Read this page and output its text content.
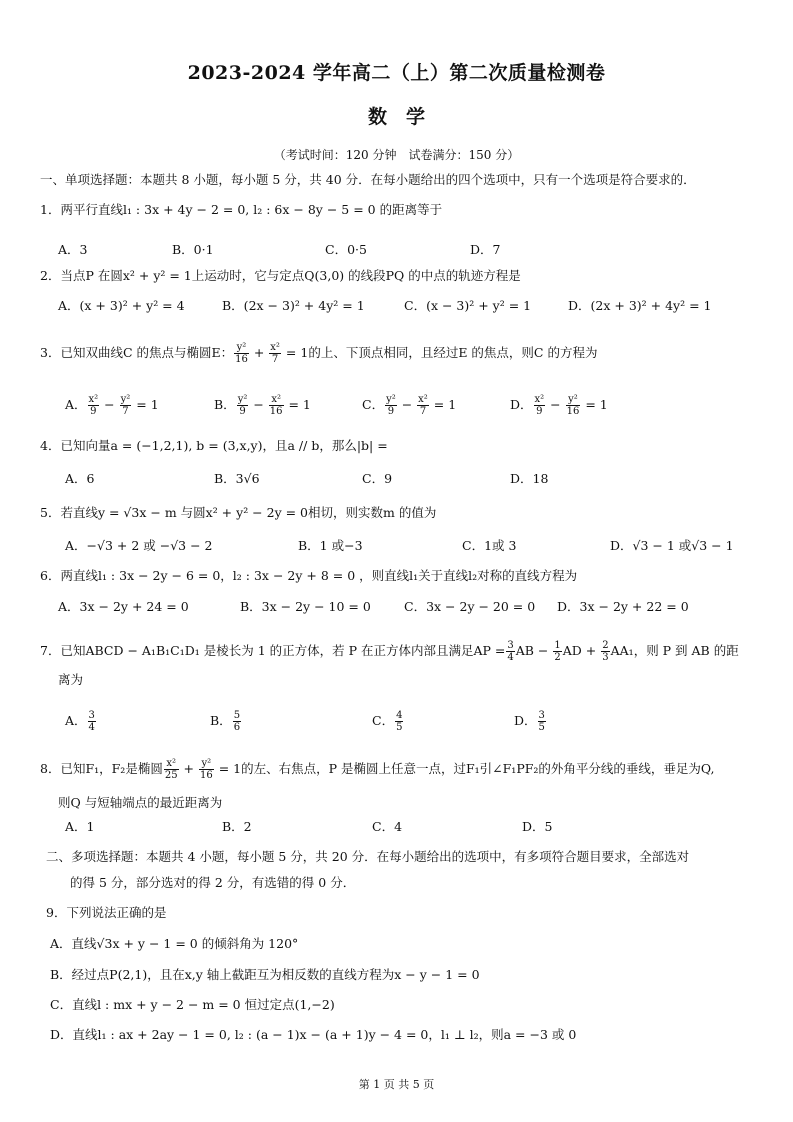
2023-2024 学年高二（上）第二次质量检测卷
数　学
（考试时间：120 分钟　试卷满分：150 分）
一、单项选择题：本题共 8 小题，每小题 5 分，共 40 分．在每小题给出的四个选项中，只有一个选项是符合要求的．
1．两平行直线l₁ : 3x + 4y − 2 = 0, l₂ : 6x − 8y − 5 = 0 的距离等于
A．3	B．0·1	C．0·5	D．7
2．当点P 在圆x² + y² = 1上运动时，它与定点Q(3,0) 的线段PQ 的中点的轨迹方程是
A．(x + 3)² + y² = 4	B．(2x − 3)² + 4y² = 1	C．(x − 3)² + y² = 1	D．(2x + 3)² + 4y² = 1
3．已知双曲线C 的焦点与椭圆E： $\frac{\text{y²}}{16} + \frac{\text{x²}}{7} = 1$的上、下顶点相同，且经过E 的焦点，则C 的方程为
A． $\frac{\text{x²}}{9} - \frac{\text{y²}}{7} = 1$	B． $\frac{\text{y²}}{9} - \frac{\text{x²}}{16} = 1$	C． $\frac{\text{y²}}{9} - \frac{\text{x²}}{7} = 1$	D． $\frac{\text{x²}}{9} - \frac{\text{y²}}{16} = 1$
4．已知向量a = (−1,2,1), b = (3,x,y)，且a // b，那么|b| =
A．6	B．3√6	C．9	D．18
5．若直线y = √3x − m 与圆x² + y² − 2y = 0相切，则实数m 的值为
A．−√3 + 2 或 −√3 − 2	B．1 或−3	C．1或 3	D．√3 − 1 或√3 − 1
6．两直线l₁ : 3x − 2y − 6 = 0，l₂ : 3x − 2y + 8 = 0 ，则直线l₁关于直线l₂对称的直线方程为
A．3x − 2y + 24 = 0	B．3x − 2y − 10 = 0	C．3x − 2y − 20 = 0 D．3x − 2y + 22 = 0
7．已知ABCD − A₁B₁C₁D₁ 是棱长为 1 的正方体，若 P 在正方体内部且满足AP = $\frac{3}{4}$ AB − $\frac{1}{2}$ AD + $\frac{2}{3} AA_1$，则 P 到 AB 的距
离为
A． $\frac{3}{4}$	B． $\frac{5}{6}$	C． $\frac{4}{5}$	D． $\frac{3}{5}$
8．已知F₁，F₂是椭圆 $\frac{\text{x²}}{25} + \frac{\text{y²}}{16} = 1$的左、右焦点，P 是椭圆上任意一点，过F₁引∠F₁PF₂的外角平分线的垂线，垂足为Q,
则Q 与短轴端点的最近距离为
A．1	B．2	C．4	D．5
二、多项选择题：本题共 4 小题，每小题 5 分，共 20 分．在每小题给出的选项中，有多项符合题目要求，全部选对
的得 5 分，部分选对的得 2 分，有选错的得 0 分．
9．下列说法正确的是
A．直线√3x + y − 1 = 0 的倾斜角为 120°
B．经过点P(2,1)，且在x,y 轴上截距互为相反数的直线方程为x − y − 1 = 0
C．直线l : mx + y − 2 − m = 0 恒过定点(1,−2)
D．直线l₁ : ax + 2ay − 1 = 0, l₂ : (a − 1)x − (a + 1)y − 4 = 0，l₁ ⊥ l₂，则a = −3 或 0
第 1 页 共 5 页
